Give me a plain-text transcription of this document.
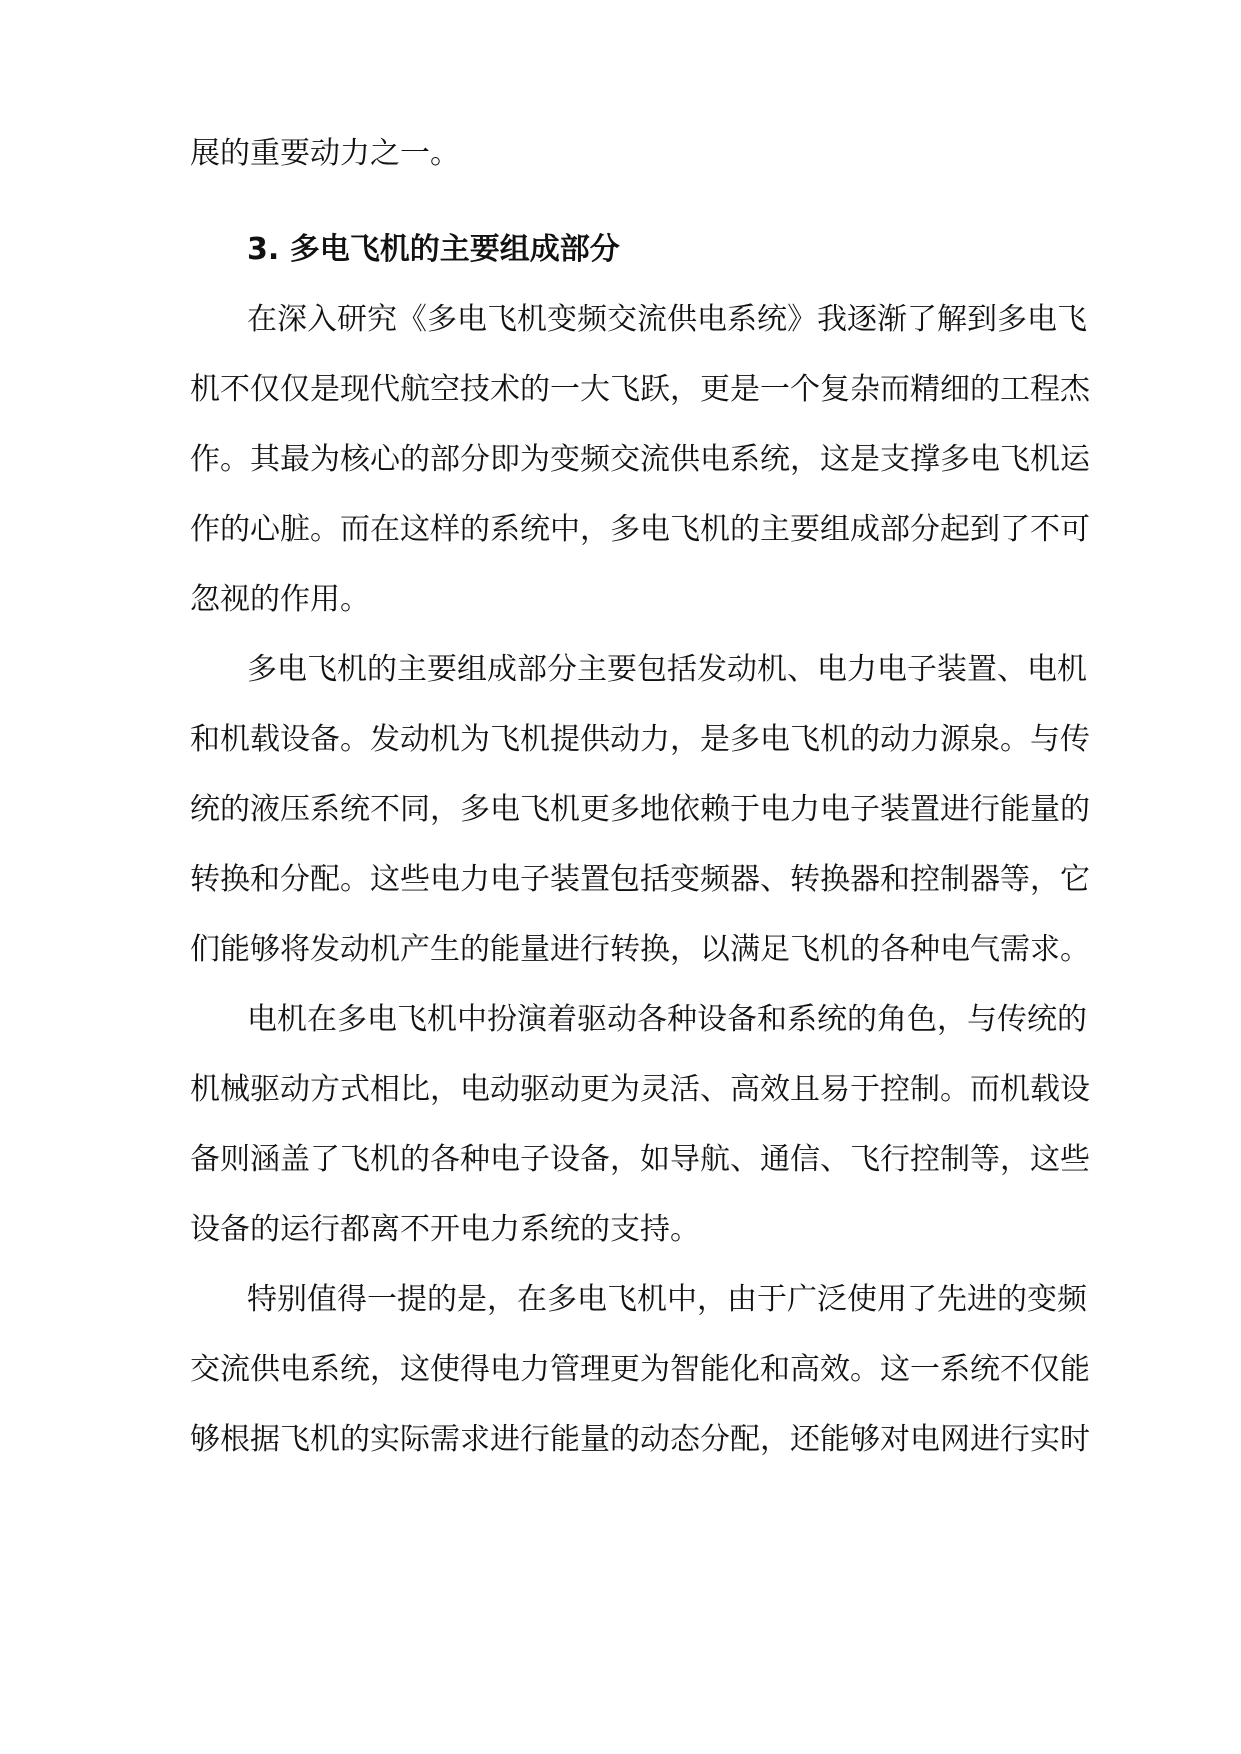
展的重要动力之一。
3. 多电飞机的主要组成部分
在深入研究《多电飞机变频交流供电系统》我逐渐了解到多电飞
机不仅仅是现代航空技术的一大飞跃，更是一个复杂而精细的工程杰
作。其最为核心的部分即为变频交流供电系统，这是支撑多电飞机运
作的心脏。而在这样的系统中，多电飞机的主要组成部分起到了不可
忽视的作用。
多电飞机的主要组成部分主要包括发动机、电力电子装置、电机
和机载设备。发动机为飞机提供动力，是多电飞机的动力源泉。与传
统的液压系统不同，多电飞机更多地依赖于电力电子装置进行能量的
转换和分配。这些电力电子装置包括变频器、转换器和控制器等，它
们能够将发动机产生的能量进行转换，以满足飞机的各种电气需求。
电机在多电飞机中扮演着驱动各种设备和系统的角色，与传统的
机械驱动方式相比，电动驱动更为灵活、高效且易于控制。而机载设
备则涵盖了飞机的各种电子设备，如导航、通信、飞行控制等，这些
设备的运行都离不开电力系统的支持。
特别值得一提的是，在多电飞机中，由于广泛使用了先进的变频
交流供电系统，这使得电力管理更为智能化和高效。这一系统不仅能
够根据飞机的实际需求进行能量的动态分配，还能够对电网进行实时
